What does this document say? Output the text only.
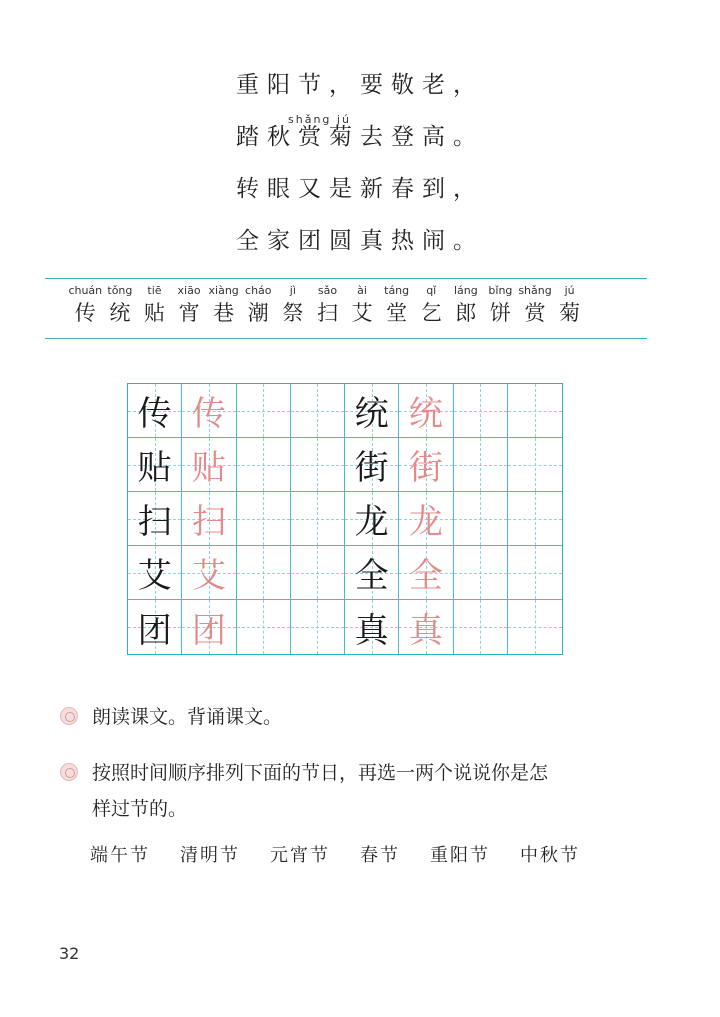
重阳节，要敬老，
shǎng jú
踏秋赏菊去登高。
转眼又是新春到，
全家团圆真热闹。
chuán
传
tǒng
统
tiē
贴
xiāo
宵
xiàng
巷
cháo
潮
jì
祭
sǎo
扫
ài
艾
táng
堂
qǐ
乞
láng
郎
bǐng
饼
shǎng
赏
jú
菊
传 传	统 统
贴 贴	街 街
扫 扫	龙 龙
艾 艾	全 全
团 团	真 真
朗读课文。背诵课文。
按照时间顺序排列下面的节日，再选一两个说说你是怎
样过节的。
端午节 清明节 元宵节 春节 重阳节 中秋节
32
